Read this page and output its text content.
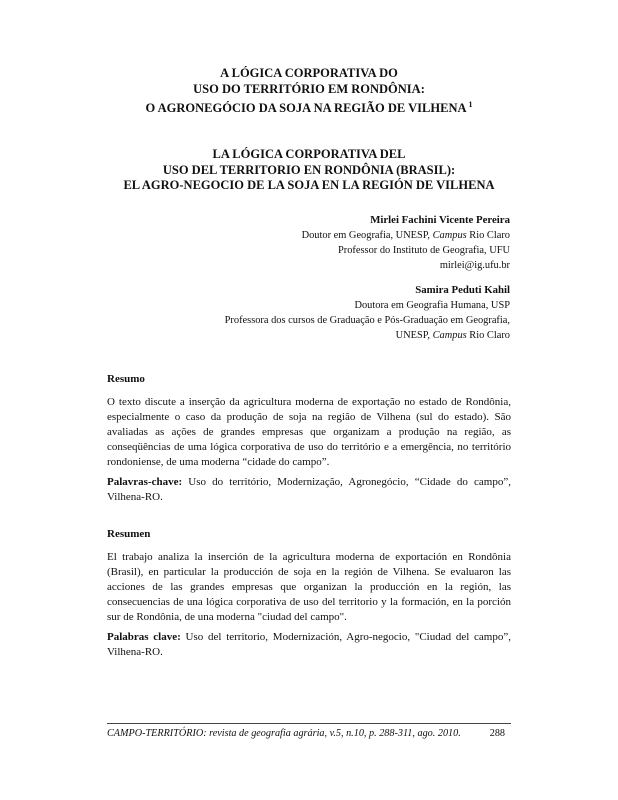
A LÓGICA CORPORATIVA DO
USO DO TERRITÓRIO EM RONDÔNIA:
O AGRONEGÓCIO DA SOJA NA REGIÃO DE VILHENA $^1$
LA LÓGICA CORPORATIVA DEL
USO DEL TERRITORIO EN RONDÔNIA (BRASIL):
EL AGRO-NEGOCIO DE LA SOJA EN LA REGIÓN DE VILHENA
Mirlei Fachini Vicente Pereira
Doutor em Geografia, UNESP, Campus Rio Claro
Professor do Instituto de Geografia, UFU
mirlei@ig.ufu.br
Samira Peduti Kahil
Doutora em Geografia Humana, USP
Professora dos cursos de Graduação e Pós-Graduação em Geografia,
UNESP, Campus Rio Claro
Resumo
O texto discute a inserção da agricultura moderna de exportação no estado de Rondônia, especialmente o caso da produção de soja na região de Vilhena (sul do estado). São avaliadas as ações de grandes empresas que organizam a produção na região, as conseqüências de uma lógica corporativa de uso do território e a emergência, no território rondoniense, de uma moderna “cidade do campo”.
Palavras-chave: Uso do território, Modernização, Agronegócio, “Cidade do campo”, Vilhena-RO.
Resumen
El trabajo analiza la inserción de la agricultura moderna de exportación en Rondônia (Brasil), en particular la producción de soja en la región de Vilhena. Se evaluaron las acciones de las grandes empresas que organizan la producción en la región, las consecuencias de una lógica corporativa de uso del territorio y la formación, en la porción sur de Rondônia, de una moderna "ciudad del campo".
Palabras clave: Uso del territorio, Modernización, Agro-negocio, "Ciudad del campo”, Vilhena-RO.
CAMPO-TERRITÓRIO: revista de geografia agrária, v.5, n.10, p. 288-311, ago. 2010.	288
